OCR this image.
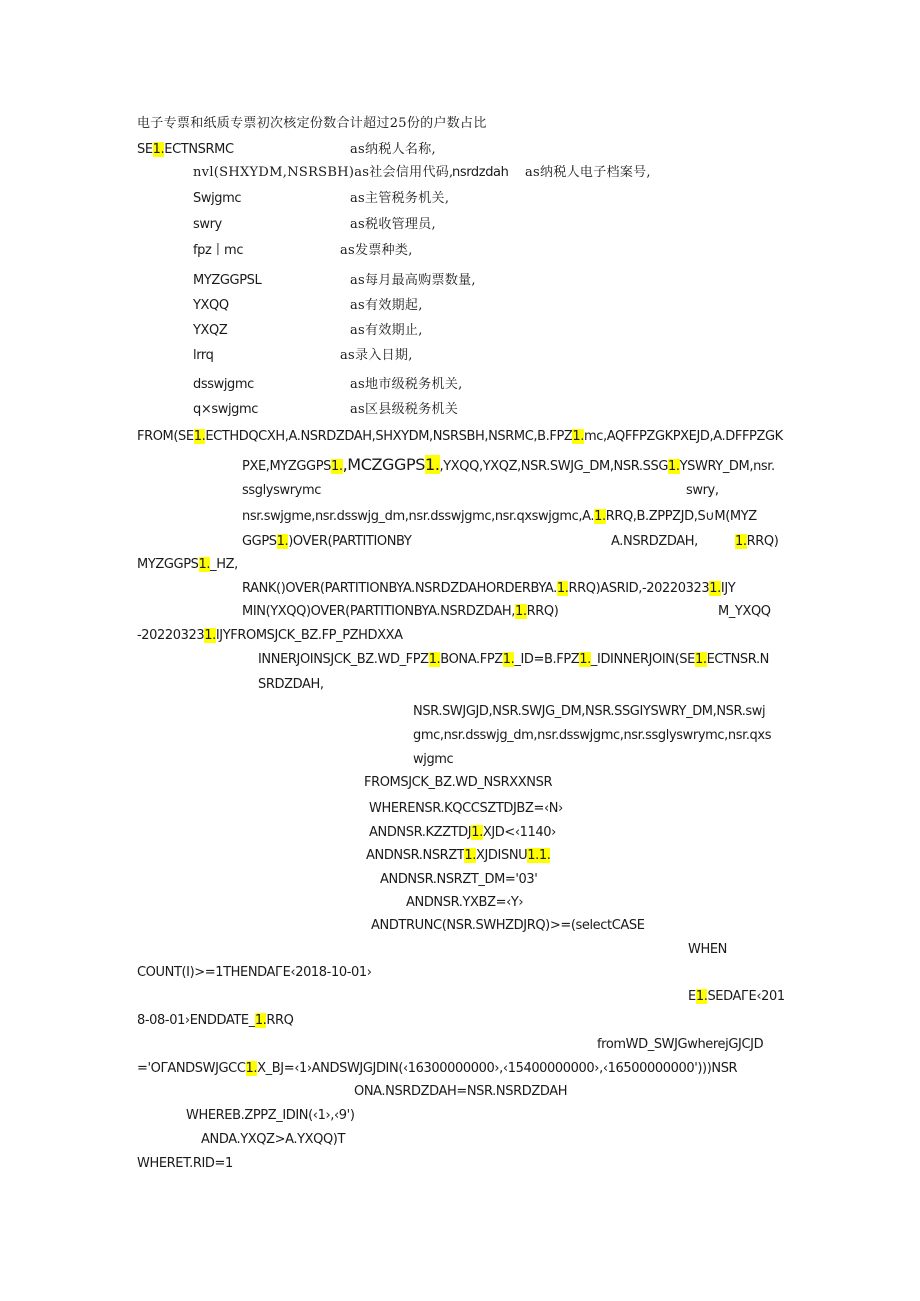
电子专票和纸质专票初次核定份数合计超过25份的户数占比
SE1.ECTNSRMC	as纳税人名称,
nvl(SHXYDM,NSRSBH)as社会信用代码,
nsrdzdah as纳税人电子档案号,
Swjgmc	as主管税务机关,
swry	as税收管理员,
fpz丨mc	as发票种类,
MYZGGPSL	as每月最高购票数量,
YXQQ	as有效期起,
YXQZ	as有效期止,
lrrq	as录入日期,
dsswjgmc	as地市级税务机关,
q×swjgmc	as区县级税务机关
FROM(SE1.ECTHDQCXH,A.NSRDZDAH,SHXYDM,NSRSBH,NSRMC,B.FPZ1.mc,AQFFPZGKPXEJD,A.DFFPZGK
PXE,MYZGGPS1.,MCZGGPS1.,YXQQ,YXQZ,NSR.SWJG_DM,NSR.SSG1.YSWRY_DM,nsr.
ssglyswrymc	swry,
nsr.swjgme,nsr.dsswjg_dm,nsr.dsswjgmc,nsr.qxswjgmc,A.1.RRQ,B.ZPPZJD,S∪M(MYZ
GGPS1.)OVER(PARTITIONBY	A.NSRDZDAH,	1.RRQ)
MYZGGPS1._HZ,
RANK()OVER(PARTITIONBYA.NSRDZDAHORDERBYA.1.RRQ)ASRID,-202203231.IJY
MIN(YXQQ)OVER(PARTITIONBYA.NSRDZDAH,1.RRQ)	M_YXQQ
-202203231.IJYFROMSJCK_BZ.FP_PZHDXXA
INNERJOINSJCK_BZ.WD_FPZ1.BONA.FPZ1._ID=B.FPZ1._IDINNERJOIN(SE1.ECTNSR.N
SRDZDAH,
NSR.SWJGJD,NSR.SWJG_DM,NSR.SSGIYSWRY_DM,NSR.swj
gmc,nsr.dsswjg_dm,nsr.dsswjgmc,nsr.ssglyswrymc,nsr.qxs
wjgmc
FROMSJCK_BZ.WD_NSRXXNSR
WHERENSR.KQCCSZTDJBZ=‹N›
ANDNSR.KZZTDJ1.XJD<‹1140›
ANDNSR.NSRZT1.XJDISNU1.1.
ANDNSR.NSRZT_DM='03'
ANDNSR.YXBZ=‹Y›
ANDTRUNC(NSR.SWHZDJRQ)>=(selectCASE
WHEN
COUNT(I)>=1THENDAГE‹2018-10-01›
E1.SEDAГE‹201
8-08-01›ENDDATE_1.RRQ
fromWD_SWJGwherejGJCJD
='OΓANDSWJGCC1.X_BJ=‹1›ANDSWJGJDIN(‹16300000000›,‹15400000000›,‹16500000000')))NSR
ONA.NSRDZDAH=NSR.NSRDZDAH
WHEREB.ZPPZ_IDIN(‹1›,‹9')
ANDA.YXQZ>A.YXQQ)T
WHERET.RID=1
